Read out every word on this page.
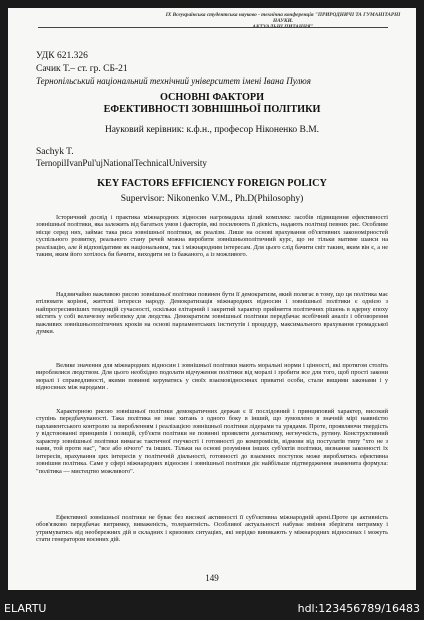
IX Всеукраїнська студентська науково - технічна конференція "ПРИРОДНИЧІ ТА ГУМАНІТАРНІ НАУКИ.
АКТУАЛЬНІ ПИТАННЯ"
УДК 621.326
Сачик Т.– ст. гр. СБ-21
Тернопільський національний технічний університет імені Івана Пулюя
ОСНОВНІ ФАКТОРИ
ЕФЕКТИВНОСТІ ЗОВНІШНЬОЇ ПОЛІТИКИ
Науковий керівник: к.ф.н., професор Ніконенко В.М.
Sachyk T.
TernopilIvanPul'ujNationalTechnicalUniversity
KEY FACTORS EFFICIENCY FOREIGN POLICY
Supervisor: Nikonenko V.M., Ph.D(Philosophy)

Історичний досвід і практика міжнародних відносин нагромадила цілий комплекс засобів підвищення ефективності зовнішньої політики, яка залежить від багатьох умов і факторів, які посилюють її дієвість, надають політиці певних рис. Особливе місце серед них, займає така риса зовнішньої політики, як реалізм. Лише на основі врахування об'єктивних закономірностей суспільного розвитку, реального стану речей можна виробити зовнішньополітичний курс, що не тільки матиме шанси на реалізацію, але й відповідатиме як національним, так і міжнародним інтересам. Для цього слід бачити світ таким, яким він є, а не таким, яким його хотілось би бачити, виходити не із бажаного, а із можливого.

Надзвичайно важливою рисою зовнішньої політики повинен бути її демократизм, який полягає в тому, що ця політика має втілювати корінні, життєві інтереси народу. Демократизація міжнародних відносин і зовнішньої політики є однією з найпрогресивніших тенденцій сучасності, оскільки елітарний і закритий характер прийняття політичних рішень в ядерну епоху містить у собі величезну небезпеку для людства. Демократизм зовнішньої політики передбачає всебічний аналіз і обговорення важливих зовнішньополітичних кроків на основі парламентських інститутів і процедур, максимального врахування громадської думки.

Велике значення для міжнародних відносин і зовнішньої політики мають моральні норми і цінності, які протягом століть вироблялися людством. Для цього необхідно подолати відчуження політики від моралі і зробити все для того, щоб прості закони моралі і справедливості, якими повинні керуватись у своїх взаємовідносинах приватні особи, стали вищими законами і у відносинах між народами .

Характерною рисою зовнішньої політики демократичних держав є її послідовний і принциповий характер, високий ступінь передбачуваності. Така політика не знає хитань з одного боку в інший, що зумовлено в значній мірі наявністю парламентського контролю за виробленням і реалізацією зовнішньої політики лідерами та урядами. Проте, проявляючи твердість у відстоюванні принципів і позицій, суб'єкти політики не повинні проявляти догматизму, негнучкість, рутину. Конструктивний характер зовнішньої політики вимагає тактичної гнучкості і готовності до компромісів, відмови від постулатів типу "хто не з нами, той проти нас", "все або нічого" та інших. Тільки на основі розуміння інших суб'єктів політики, визнання законності їх інтересів, врахування цих інтересів у політичній діяльності, готовності до взаємних поступок може вироблятись ефективна зовнішня політика. Саме у сфері міжнародних відносин і зовнішньої політики діє найбільше підтвердження знаменита формула: "політика — мистецтво можливого".

Ефективної зовнішньої політики не буває без високої активності її суб'єктивна міжнародній арені.Проте ця активність обов'язково передбачає витримку, виваженість, толерантність. Особливої актуальності набуває вміння зберігати витримку і утримуватись від необережних дій в складних і кризових ситуаціях, які нерідко виникають у міжнародних відносинах і можуть стати генератором воєнних дій.

149
ELARTU	hdl:123456789/16483
